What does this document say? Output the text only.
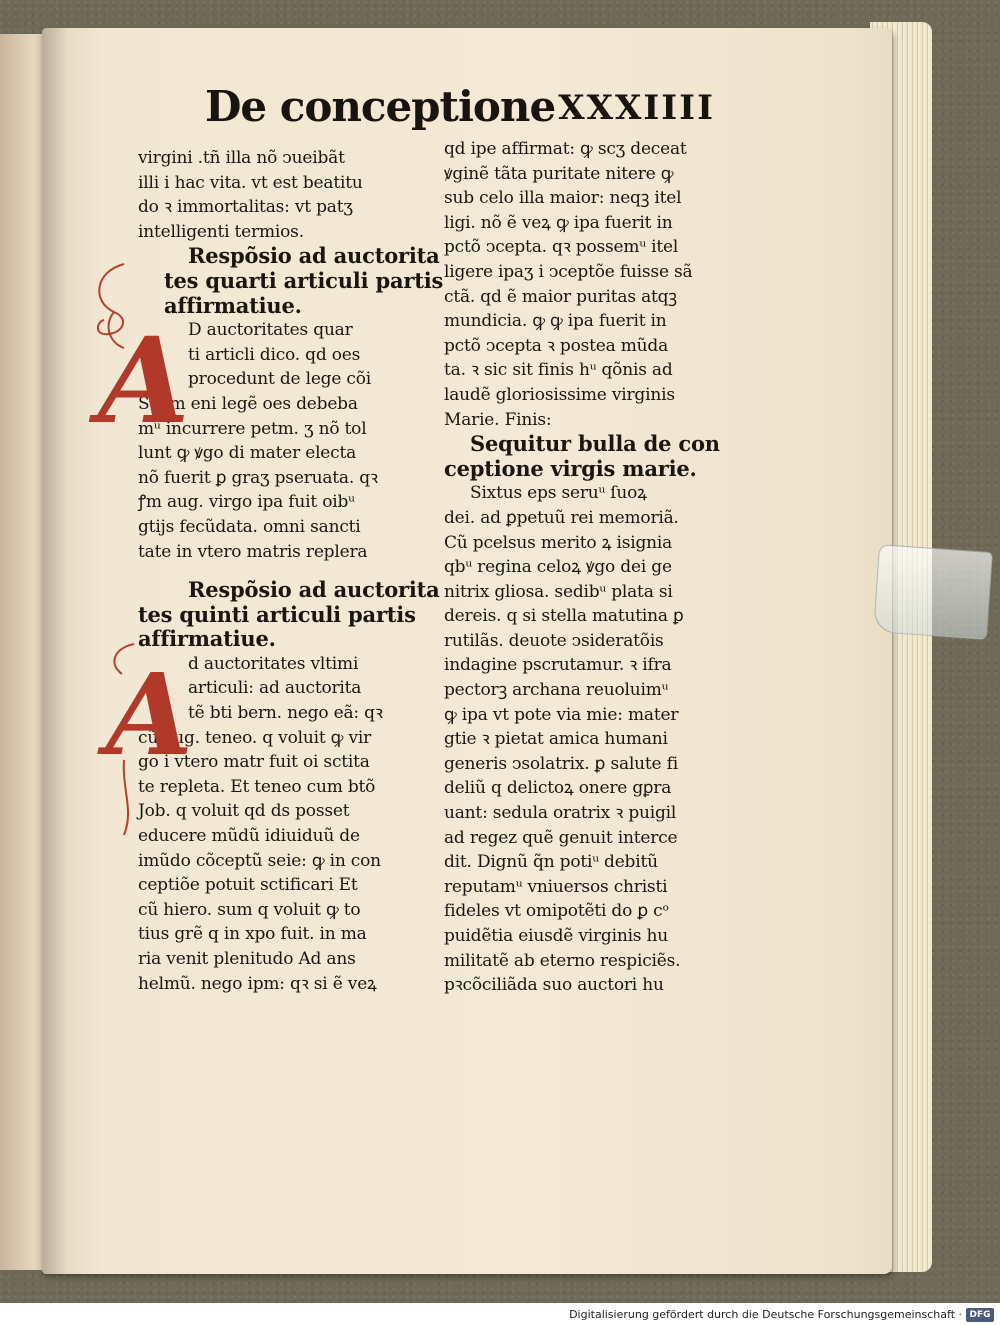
De conceptione XXXIIII
virgini .tñ illa nõ ↄueibãt
illi i hac vita. vt est beatitu
do ꝛ immortalitas: vt patʒ
intelligenti termios.
Respõsio ad auctorita
tes quarti articuli partis
affirmatiue.
D auctoritates quar
ti articli dico. qd oes
procedunt de lege cõi
Scdm eni legẽ oes debeba
mᵘ incurrere petm. ʒ nõ tol
lunt ꝙ ꝟgo di mater electa
nõ fuerit ꝑ graʒ pseruata. qꝛ
ꝭm aug. virgo ipa fuit oibᵘ
gtijs fecũdata. omni sancti
tate in vtero matris replera
Respõsio ad auctorita
tes quinti articuli partis
affirmatiue.
d auctoritates vltimi
articuli: ad auctorita
tẽ bti bern. nego eã: qꝛ
cũ aug. teneo. q voluit ꝙ vir
go i vtero matr fuit oi sctita
te repleta. Et teneo cum btõ
Job. q voluit qd ds posset
educere mũdũ idiuiduũ de
imũdo cõceptũ seie: ꝙ in con
ceptiõe potuit sctificari Et
cũ hiero. sum q voluit ꝙ to
tius grẽ q in xpo fuit. in ma
ria venit plenitudo Ad ans
helmũ. nego ipm: qꝛ si ẽ veꝝ
qd ipe affirmat: ꝙ scʒ deceat
ꝟginẽ tãta puritate nitere ꝙ
sub celo illa maior: neqꝫ itel
ligi. nõ ẽ veꝝ ꝙ ipa fuerit in
pctõ ↄcepta. qꝛ possemᵘ itel
ligere ipaʒ i ↄceptõe fuisse sã
ctã. qd ẽ maior puritas atqꝫ
mundicia. ꝙ ꝙ ipa fuerit in
pctõ ↄcepta ꝛ postea mũda
ta. ꝛ sic sit finis hᵘ qõnis ad
laudẽ gloriosissime virginis
Marie. Finis:
Sequitur bulla de con
ceptione virgis marie.
Sixtus eps seruᵘ ſuoꝝ
dei. ad ꝑpetuũ rei memoriã.
Cũ pcelsus merito ꝝ isignia
qbᵘ regina celoꝝ ꝟgo dei ge
nitrix gliosa. sedibᵘ plata si
dereis. q si stella matutina ꝑ
rutilãs. deuote ↄsideratõis
indagine pscrutamur. ꝛ ifra
pectorꝫ archana reuoluimᵘ
ꝙ ipa vt pote via mie: mater
gtie ꝛ pietat amica humani
generis ↄsolatrix. ꝑ salute fi
deliũ q delictoꝝ onere gꝑra
uant: sedula oratrix ꝛ puigil
ad regez quẽ genuit interce
dit. Dignũ q̃n potiᵘ debitũ
reputamᵘ vniuersos christi
fideles vt omipotẽti do ꝑ cᵒ
puidẽtia eiusdẽ virginis hu
militatẽ ab eterno respiciẽs.
pꝛcõciliãda suo auctori hu
A
A
Digitalisierung gefördert durch die Deutsche Forschungsgemeinschaft · DFG
